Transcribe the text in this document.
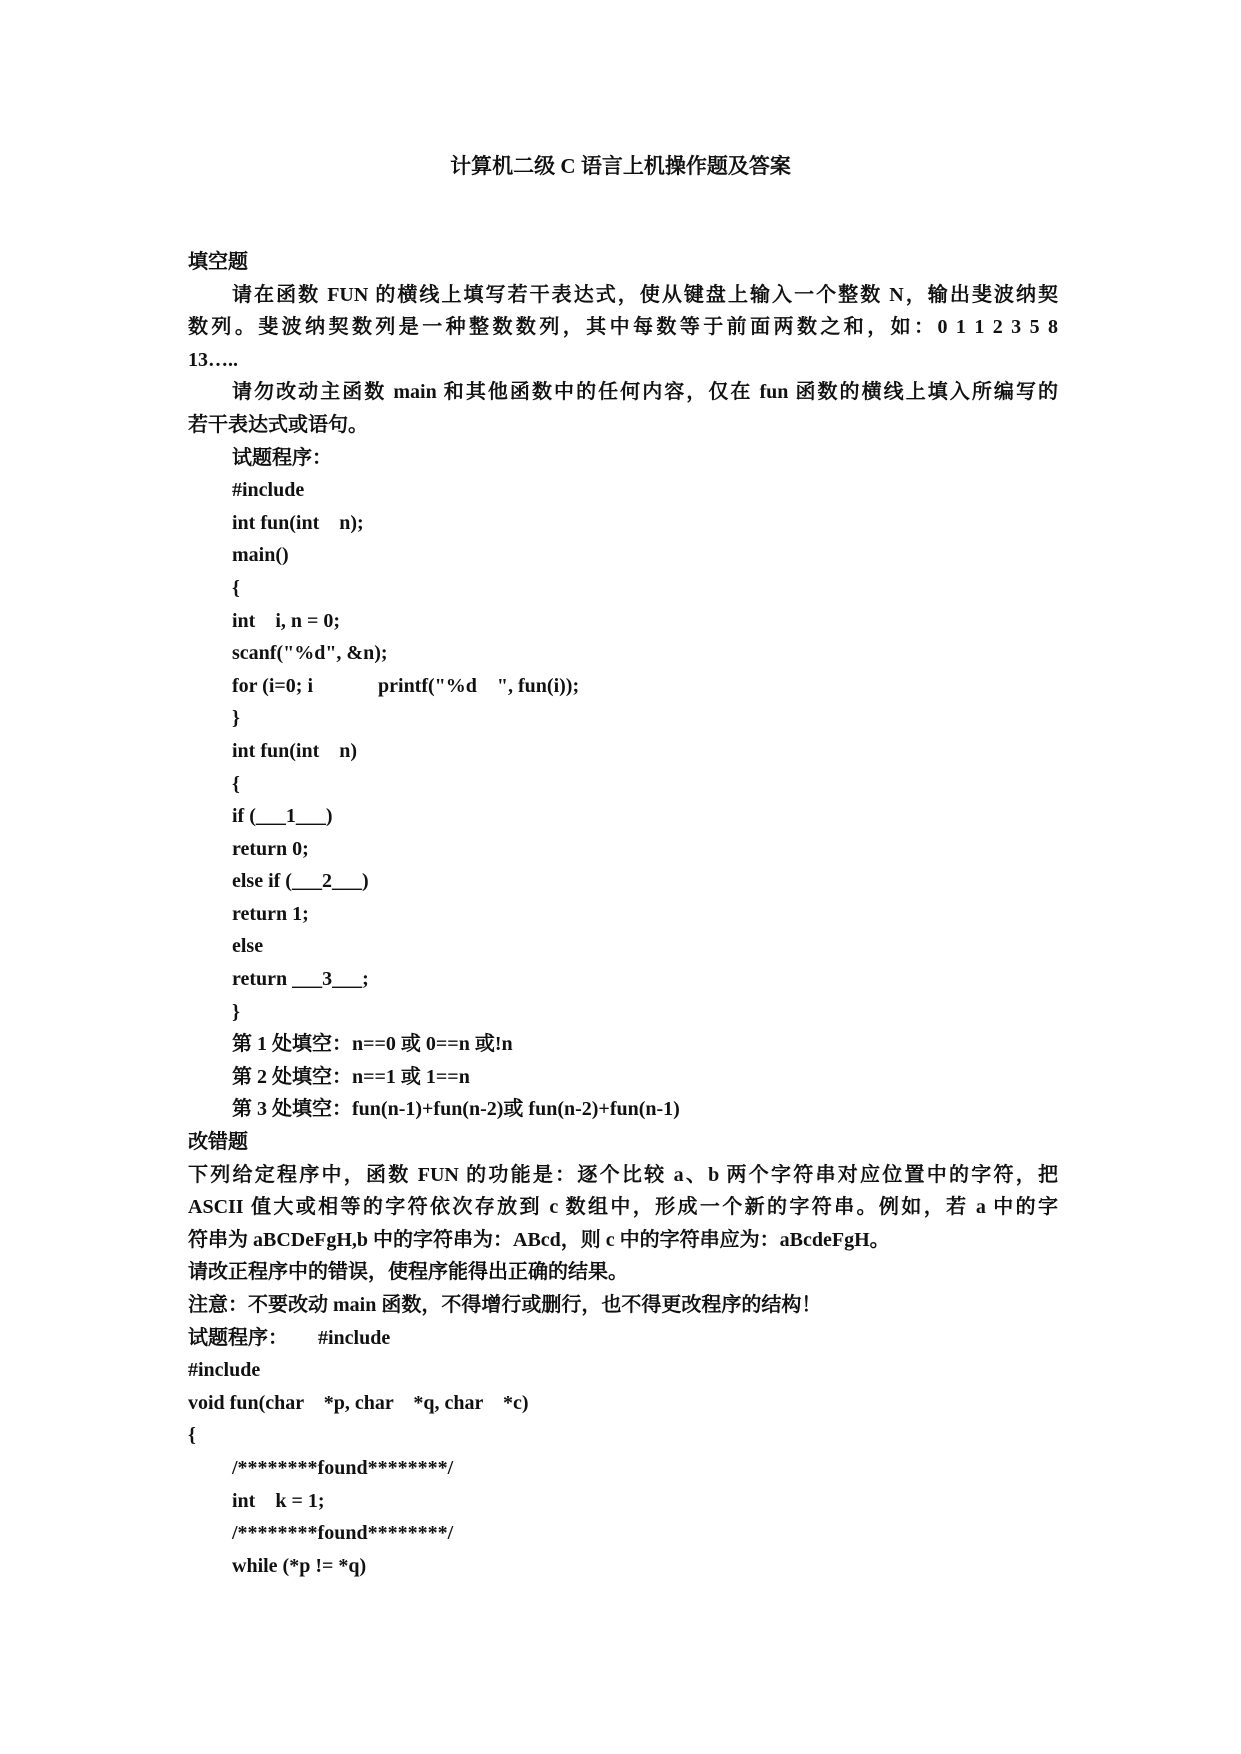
计算机二级 C 语言上机操作题及答案
填空题
请在函数 FUN 的横线上填写若干表达式，使从键盘上输入一个整数 N，输出斐波纳契
数列。斐波纳契数列是一种整数数列，其中每数等于前面两数之和，如：0 1 1 2 3 5 8
13…..
请勿改动主函数 main 和其他函数中的任何内容，仅在 fun 函数的横线上填入所编写的
若干表达式或语句。
试题程序：
#include
int fun(int    n);
main()
{
int    i, n = 0;
scanf("%d", &n);
for (i=0; i             printf("%d    ", fun(i));
}
int fun(int    n)
{
if (___1___)
return 0;
else if (___2___)
return 1;
else
return ___3___;
}
第 1 处填空：n==0 或 0==n 或!n
第 2 处填空：n==1 或 1==n
第 3 处填空：fun(n-1)+fun(n-2)或 fun(n-2)+fun(n-1)
改错题
下列给定程序中，函数 FUN 的功能是：逐个比较 a、b 两个字符串对应位置中的字符，把
ASCII 值大或相等的字符依次存放到 c 数组中，形成一个新的字符串。例如，若 a 中的字
符串为 aBCDeFgH,b 中的字符串为：ABcd，则 c 中的字符串应为：aBcdeFgH。
请改正程序中的错误，使程序能得出正确的结果。
注意：不要改动 main 函数，不得增行或删行，也不得更改程序的结构！
试题程序：      #include
#include
void fun(char    *p, char    *q, char    *c)
{
/********found********/
int    k = 1;
/********found********/
while (*p != *q)
